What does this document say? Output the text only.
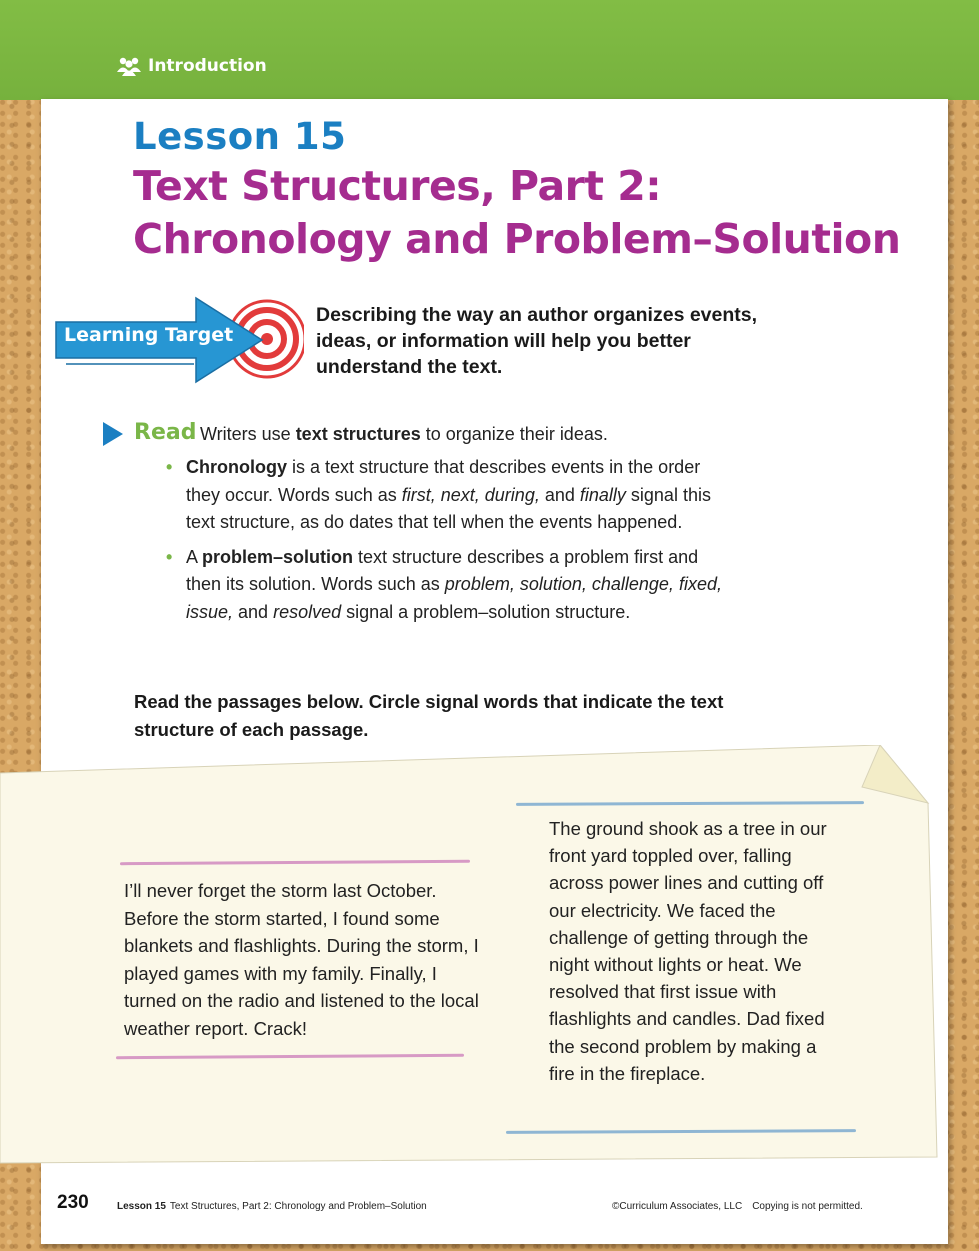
Introduction
Lesson 15
Text Structures, Part 2:
Chronology and Problem–Solution
Learning Target
Describing the way an author organizes events, ideas, or information will help you better understand the text.
Read Writers use text structures to organize their ideas.
• Chronology is a text structure that describes events in the order they occur. Words such as first, next, during, and finally signal this text structure, as do dates that tell when the events happened.
• A problem–solution text structure describes a problem first and then its solution. Words such as problem, solution, challenge, fixed, issue, and resolved signal a problem–solution structure.
Read the passages below. Circle signal words that indicate the text structure of each passage.
I’ll never forget the storm last October. Before the storm started, I found some blankets and flashlights. During the storm, I played games with my family. Finally, I turned on the radio and listened to the local weather report. Crack!
The ground shook as a tree in our front yard toppled over, falling across power lines and cutting off our electricity. We faced the challenge of getting through the night without lights or heat. We resolved that first issue with flashlights and candles. Dad fixed the second problem by making a fire in the fireplace.
230	Lesson 15 Text Structures, Part 2: Chronology and Problem–Solution	©Curriculum Associates, LLC Copying is not permitted.
